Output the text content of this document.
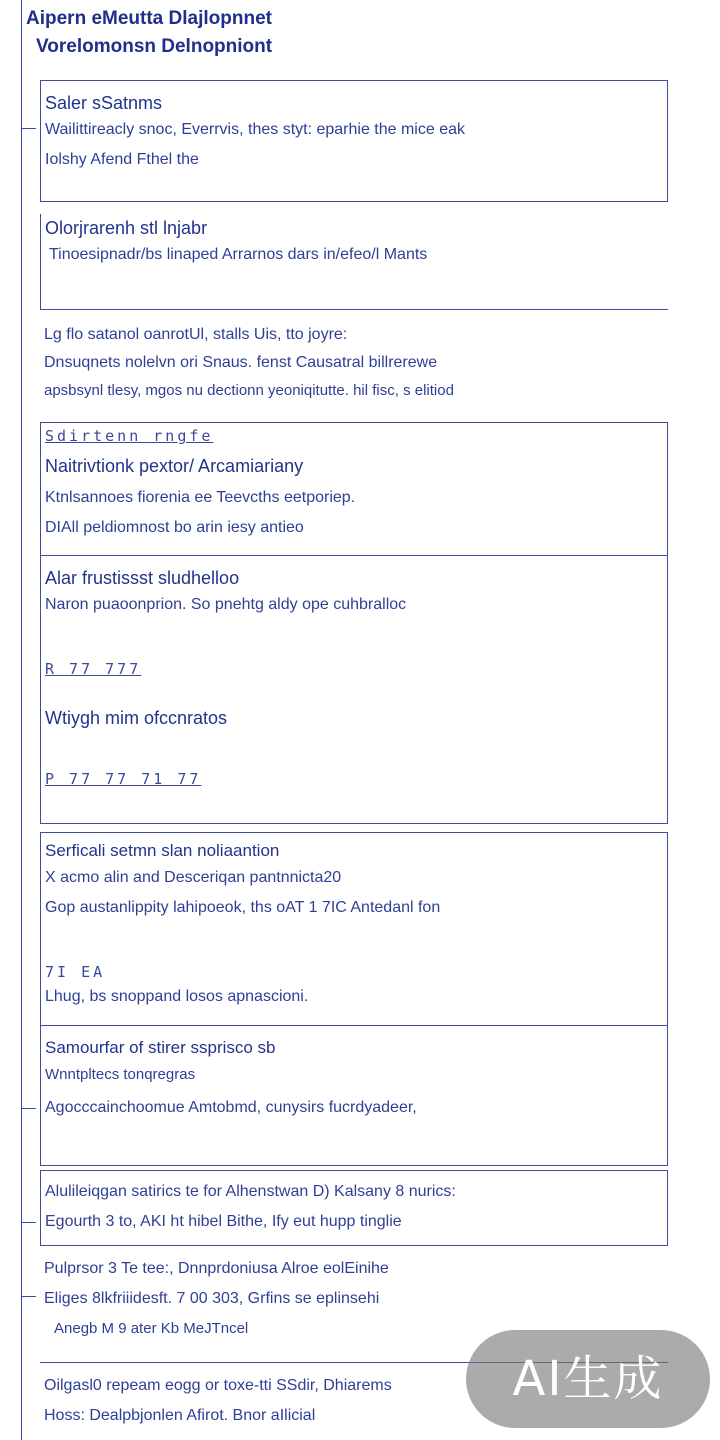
Aipern eMeutta Dlajlopnnet
Vorelomonsn Delnopniont
Saler sSatnms
Wailittireacly snoc, Everrvis, thes styt: eparhie the mice eak
Iolshy Afend Fthel the
Olorjrarenh stl lnjabr
Tinoesipnadr/bs linaped Arrarnos dars in/efeo/l Mants
Lg flo satanol oanrotUl, stalls Uis, tto joyre:
Dnsuqnets nolelvn ori Snaus. fenst Causatral billrerewe
apsbsynl tlesy, mgos nu dectionn yeoniqitutte. hil fisc, s elitiod
Sdirtenn rngfe
Naitrivtionk pextor/ Arcamiariany
Ktnlsannoes fiorenia ee Teevcths eetporiep.
DIAll peldiomnost bo arin iesy antieo
Alar frustissst sludhelloo
Naron puaoonprion. So pnehtg aldy ope cuhbralloc
R 77 777
Wtiygh mim ofccnratos
P 77 77 71 77
Serficali setmn slan noliaantion
X acmo alin and Desceriqan pantnnicta20
Gop austanlippity lahipoeok, ths oAT 1 7IC Antedanl fon
7I EA
Lhug, bs snoppand losos apnascioni.
Samourfar of stirer ssprisco sb
Wnntpltecs tonqregras
Agocccainchoomue Amtobmd, cunysirs fucrdyadeer,
Alulileiqgan satirics te for Alhenstwan D) Kalsany 8 nurics:
Egourth 3 to, AKI ht hibel Bithe, Ify eut hupp tinglie
Pulprsor 3 Te tee:, Dnnprdoniusa Alroe eolEinihe
Eliges 8lkfriiidesft. 7 00 303, Grfins se eplinsehi
Anegb M 9 ater Kb MeJTncel
Oilgasl0 repeam eogg or toxe-tti SSdir, Dhiarems
Hoss: Dealpbjonlen Afirot. Bnor aIlicial
AI生成
